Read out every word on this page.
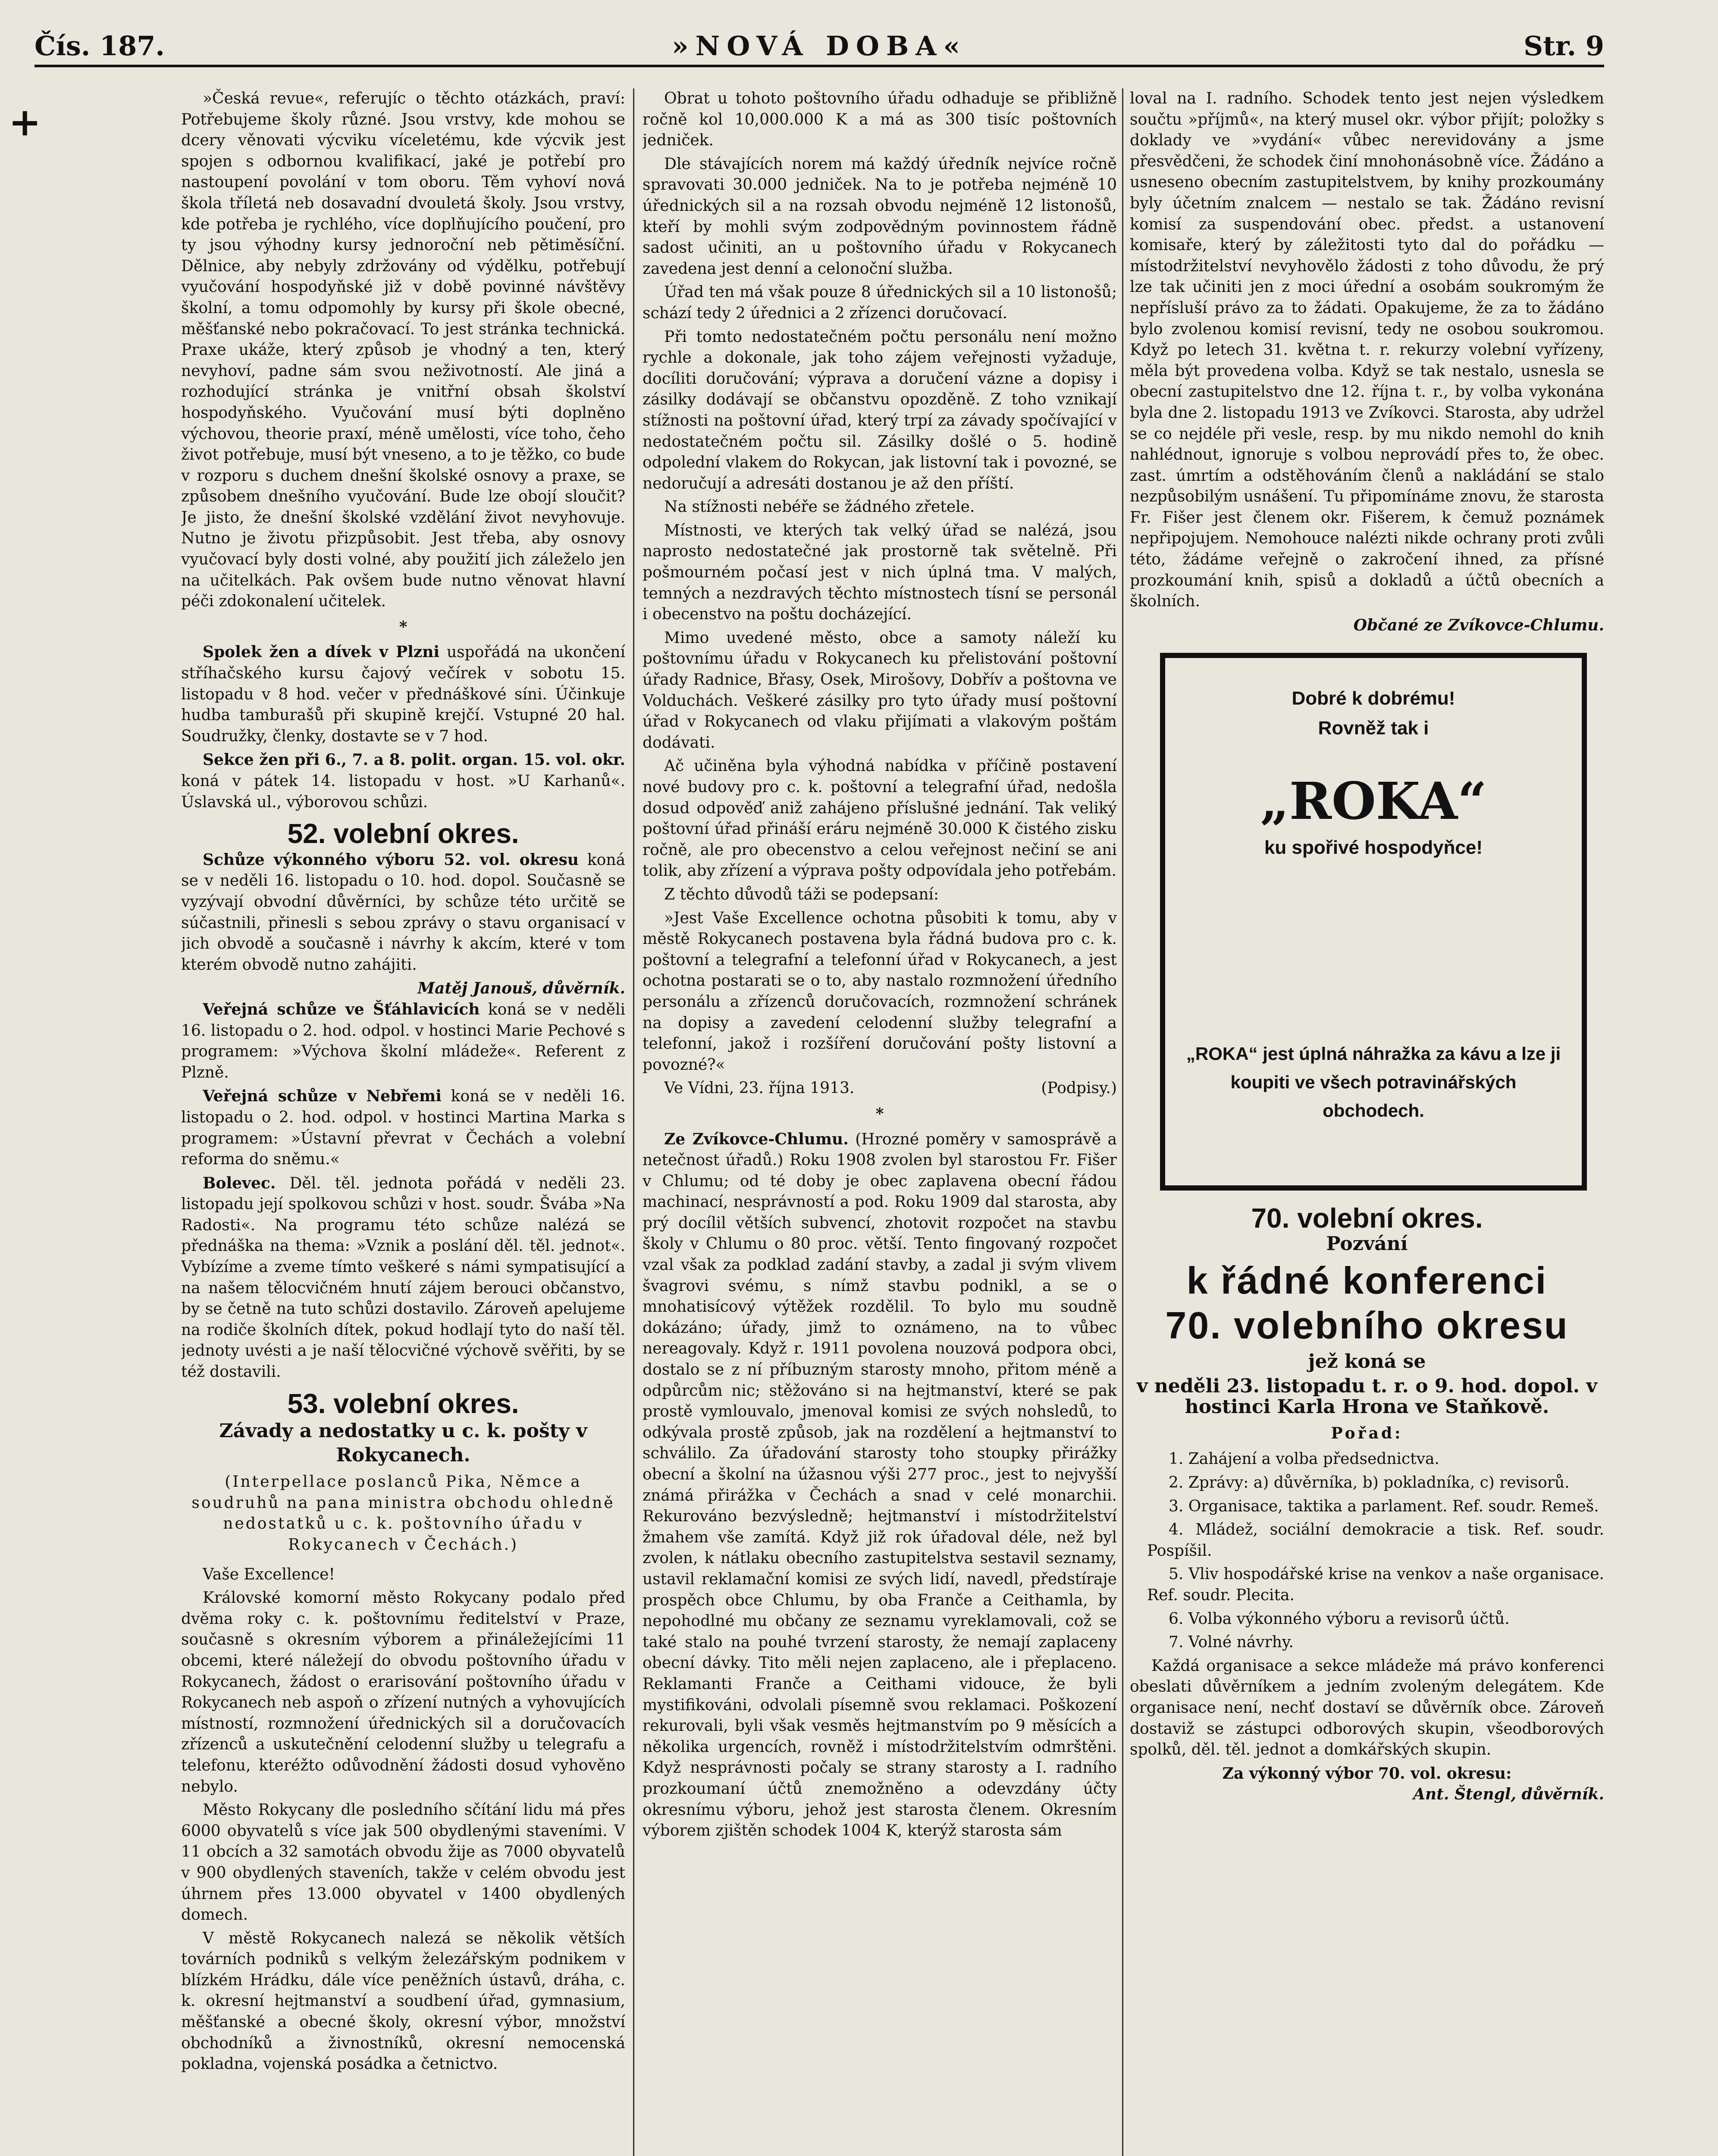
+
Čís. 187.	»NOVÁ DOBA«	Str. 9

»Česká revue«, referujíc o těchto otázkách, praví: Potřebujeme školy různé. Jsou vrstvy, kde mohou se dcery věnovati výcviku víceletému, kde výcvik jest spojen s odbornou kvalifikací, jaké je potřebí pro nastoupení povolání v tom oboru. Těm vyhoví nová škola tříletá neb dosavadní dvouletá školy. Jsou vrstvy, kde potřeba je rychlého, více doplňujícího poučení, pro ty jsou výhodny kursy jednoroční neb pětiměsíční. Dělnice, aby nebyly zdržovány od výdělku, potřebují vyučování hospodyňské již v době povinné návštěvy školní, a tomu odpomohly by kursy při škole obecné, měšťanské nebo pokračovací. To jest stránka technická. Praxe ukáže, který způsob je vhodný a ten, který nevyhoví, padne sám svou neživotností. Ale jiná a rozhodující stránka je vnitřní obsah školství hospodyňského. Vyučování musí býti doplněno výchovou, theorie praxí, méně umělosti, více toho, čeho život potřebuje, musí být vneseno, a to je těžko, co bude v rozporu s duchem dnešní školské osnovy a praxe, se způsobem dnešního vyučování. Bude lze obojí sloučit? Je jisto, že dnešní školské vzdělání život nevyhovuje. Nutno je životu přizpůsobit. Jest třeba, aby osnovy vyučovací byly dosti volné, aby použití jich záleželo jen na učitelkách. Pak ovšem bude nutno věnovat hlavní péči zdokonalení učitelek.

*

Spolek žen a dívek v Plzni uspořádá na ukončení stříhačského kursu čajový večírek v sobotu 15. listopadu v 8 hod. večer v přednáškové síni. Účinkuje hudba tamburašů při skupině krejčí. Vstupné 20 hal. Soudružky, členky, dostavte se v 7 hod.

Sekce žen při 6., 7. a 8. polit. organ. 15. vol. okr. koná v pátek 14. listopadu v host. »U Karhanů«. Úslavská ul., výborovou schůzi.

52. volební okres.

Schůze výkonného výboru 52. vol. okresu koná se v neděli 16. listopadu o 10. hod. dopol. Současně se vyzývají obvodní důvěrníci, by schůze této určitě se súčastnili, přinesli s sebou zprávy o stavu organisací v jich obvodě a současně i návrhy k akcím, které v tom kterém obvodě nutno zahájiti.

Matěj Janouš, důvěrník.

Veřejná schůze ve Šťáhlavicích koná se v neděli 16. listopadu o 2. hod. odpol. v hostinci Marie Pechové s programem: »Výchova školní mládeže«. Referent z Plzně.

Veřejná schůze v Nebřemi koná se v neděli 16. listopadu o 2. hod. odpol. v hostinci Martina Marka s programem: »Ústavní převrat v Čechách a volební reforma do sněmu.«

Bolevec. Děl. těl. jednota pořádá v neděli 23. listopadu její spolkovou schůzi v host. soudr. Švába »Na Radosti«. Na programu této schůze nalézá se přednáška na thema: »Vznik a poslání děl. těl. jednot«. Vybízíme a zveme tímto veškeré s námi sympatisující a na našem tělocvičném hnutí zájem berouci občanstvo, by se četně na tuto schůzi dostavilo. Zároveň apelujeme na rodiče školních dítek, pokud hodlají tyto do naší těl. jednoty uvésti a je naší tělocvičné výchově svěřiti, by se též dostavili.

53. volební okres.
Závady a nedostatky u c. k. pošty v Rokycanech.
(Interpellace poslanců Pika, Němce a soudruhů na pana ministra obchodu ohledně nedostatků u c. k. poštovního úřadu v Rokycanech v Čechách.)

Vaše Excellence!

Královské komorní město Rokycany podalo před dvěma roky c. k. poštovnímu ředitelství v Praze, současně s okresním výborem a přináležejícími 11 obcemi, které náležejí do obvodu poštovního úřadu v Rokycanech, žádost o erarisování poštovního úřadu v Rokycanech neb aspoň o zřízení nutných a vyhovujících místností, rozmnožení úřednických sil a doručovacích zřízenců a uskutečnění celodenní služby u telegrafu a telefonu, kteréžto odůvodnění žádosti dosud vyhověno nebylo.

Město Rokycany dle posledního sčítání lidu má přes 6000 obyvatelů s více jak 500 obydlenými staveními. V 11 obcích a 32 samotách obvodu žije as 7000 obyvatelů v 900 obydlených staveních, takže v celém obvodu jest úhrnem přes 13.000 obyvatel v 1400 obydlených domech.

V městě Rokycanech nalezá se několik větších továrních podniků s velkým železářským podnikem v blízkém Hrádku, dále více peněžních ústavů, dráha, c. k. okresní hejtmanství a soudbení úřad, gymnasium, měšťanské a obecné školy, okresní výbor, množství obchodníků a živnostníků, okresní nemocenská pokladna, vojenská posádka a četnictvo.

Obrat u tohoto poštovního úřadu odhaduje se přibližně ročně kol 10,000.000 K a má as 300 tisíc poštovních jedniček.

Dle stávajících norem má každý úředník nejvíce ročně spravovati 30.000 jedniček. Na to je potřeba nejméně 10 úřednických sil a na rozsah obvodu nejméně 12 listonošů, kteří by mohli svým zodpovědným povinnostem řádně sadost učiniti, an u poštovního úřadu v Rokycanech zavedena jest denní a celonoční služba.

Úřad ten má však pouze 8 úřednických sil a 10 listonošů; schází tedy 2 úřednici a 2 zřízenci doručovací.

Při tomto nedostatečném počtu personálu není možno rychle a dokonale, jak toho zájem veřejnosti vyžaduje, docíliti doručování; výprava a doručení vázne a dopisy i zásilky dodávají se občanstvu opozděně. Z toho vznikají stížnosti na poštovní úřad, který trpí za závady spočívající v nedostatečném počtu sil. Zásilky došlé o 5. hodině odpolední vlakem do Rokycan, jak listovní tak i povozné, se nedoručují a adresáti dostanou je až den příští.

Na stížnosti nebéře se žádného zřetele.

Místnosti, ve kterých tak velký úřad se nalézá, jsou naprosto nedostatečné jak prostorně tak světelně. Při pošmourném počasí jest v nich úplná tma. V malých, temných a nezdravých těchto místnostech tísní se personál i obecenstvo na poštu docházející.

Mimo uvedené město, obce a samoty náleží ku poštovnímu úřadu v Rokycanech ku přelistování poštovní úřady Radnice, Břasy, Osek, Mirošovy, Dobřív a poštovna ve Volduchách. Veškeré zásilky pro tyto úřady musí poštovní úřad v Rokycanech od vlaku přijímati a vlakovým poštám dodávati.

Ač učiněna byla výhodná nabídka v příčině postavení nové budovy pro c. k. poštovní a telegrafní úřad, nedošla dosud odpověď aniž zahájeno příslušné jednání. Tak veliký poštovní úřad přináší eráru nejméně 30.000 K čistého zisku ročně, ale pro obecenstvo a celou veřejnost nečiní se ani tolik, aby zřízení a výprava pošty odpovídala jeho potřebám.

Z těchto důvodů táži se podepsaní:

»Jest Vaše Excellence ochotna působiti k tomu, aby v městě Rokycanech postavena byla řádná budova pro c. k. poštovní a telegrafní a telefonní úřad v Rokycanech, a jest ochotna postarati se o to, aby nastalo rozmnožení úředního personálu a zřízenců doručovacích, rozmnožení schránek na dopisy a zavedení celodenní služby telegrafní a telefonní, jakož i rozšíření doručování pošty listovní a povozné?«

Ve Vídni, 23. října 1913.	(Podpisy.)

*

Ze Zvíkovce-Chlumu. (Hrozné poměry v samosprávě a netečnost úřadů.) Roku 1908 zvolen byl starostou Fr. Fišer v Chlumu; od té doby je obec zaplavena obecní řádou machinací, nesprávností a pod. Roku 1909 dal starosta, aby prý docílil větších subvencí, zhotovit rozpočet na stavbu školy v Chlumu o 80 proc. větší. Tento fingovaný rozpočet vzal však za podklad zadání stavby, a zadal ji svým vlivem švagrovi svému, s nímž stavbu podnikl, a se o mnohatisícový výtěžek rozdělil. To bylo mu soudně dokázáno; úřady, jimž to oznámeno, na to vůbec nereagovaly. Když r. 1911 povolena nouzová podpora obci, dostalo se z ní příbuzným starosty mnoho, přitom méně a odpůrcům nic; stěžováno si na hejtmanství, které se pak prostě vymlouvalo, jmenoval komisi ze svých nohsledů, to odkývala prostě způsob, jak na rozdělení a hejtmanství to schválilo. Za úřadování starosty toho stoupky přirážky obecní a školní na úžasnou výši 277 proc., jest to nejvyšší známá přirážka v Čechách a snad v celé monarchii. Rekurováno bezvýsledně; hejtmanství i místodržitelství žmahem vše zamítá. Když již rok úřadoval déle, než byl zvolen, k nátlaku obecního zastupitelstva sestavil seznamy, ustavil reklamační komisi ze svých lidí, navedl, předstíraje prospěch obce Chlumu, by oba Franče a Ceithamla, by nepohodlné mu občany ze seznamu vyreklamovali, což se také stalo na pouhé tvrzení starosty, že nemají zaplaceny obecní dávky. Tito měli nejen zaplaceno, ale i přeplaceno. Reklamanti Franče a Ceithami vidouce, že byli mystifikováni, odvolali písemně svou reklamaci. Poškození rekurovali, byli však vesměs hejtmanstvím po 9 měsících a několika urgencích, rovněž i místodržitelstvím odmrštěni. Když nesprávnosti počaly se strany starosty a I. radního prozkoumaní účtů znemožněno a odevzdány účty okresnímu výboru, jehož jest starosta členem. Okresním výborem zjištěn schodek 1004 K, kterýž starosta sám

loval na I. radního. Schodek tento jest nejen výsledkem součtu »příjmů«, na který musel okr. výbor přijít; položky s doklady ve »vydání« vůbec nerevidovány a jsme přesvědčeni, že schodek činí mnohonásobně více. Žádáno a usneseno obecním zastupitelstvem, by knihy prozkoumány byly účetním znalcem — nestalo se tak. Žádáno revisní komisí za suspendování obec. předst. a ustanovení komisaře, který by záležitosti tyto dal do pořádku — místodržitelství nevyhovělo žádosti z toho důvodu, že prý lze tak učiniti jen z moci úřední a osobám soukromým že nepřísluší právo za to žádati. Opakujeme, že za to žádáno bylo zvolenou komisí revisní, tedy ne osobou soukromou. Když po letech 31. května t. r. rekurzy volební vyřízeny, měla být provedena volba. Když se tak nestalo, usnesla se obecní zastupitelstvo dne 12. října t. r., by volba vykonána byla dne 2. listopadu 1913 ve Zvíkovci. Starosta, aby udržel se co nejdéle při vesle, resp. by mu nikdo nemohl do knih nahlédnout, ignoruje s volbou neprovádí přes to, že obec. zast. úmrtím a odstěhováním členů a nakládání se stalo nezpůsobilým usnášení. Tu připomínáme znovu, že starosta Fr. Fišer jest členem okr. Fišerem, k čemuž poznámek nepřipojujem. Nemohouce nalézti nikde ochrany proti zvůli této, žádáme veřejně o zakročení ihned, za přísné prozkoumání knih, spisů a dokladů a účtů obecních a školních.

Občané ze Zvíkovce-Chlumu.
Dobré k dobrému!
Rovněž tak i
„ROKA“
ku spořivé hospodyňce!
„ROKA“ jest úplná náhražka za kávu a lze ji koupiti ve všech potravinářských obchodech.
70. volební okres.
Pozvání
k řádné konferenci
70. volebního okresu
jež koná se
v neděli 23. listopadu t. r. o 9. hod. dopol. v hostinci Karla Hrona ve Staňkově.
Pořad:

1. Zahájení a volba předsednictva.

2. Zprávy: a) důvěrníka, b) pokladníka, c) revisorů.

3. Organisace, taktika a parlament. Ref. soudr. Remeš.

4. Mládež, sociální demokracie a tisk. Ref. soudr. Pospíšil.

5. Vliv hospodářské krise na venkov a naše organisace. Ref. soudr. Plecita.

6. Volba výkonného výboru a revisorů účtů.

7. Volné návrhy.

Každá organisace a sekce mládeže má právo konferenci obeslati důvěrníkem a jedním zvoleným delegátem. Kde organisace není, nechť dostaví se důvěrník obce. Zároveň dostaviž se zástupci odborových skupin, všeodborových spolků, děl. těl. jednot a domkářských skupin.

Za výkonný výbor 70. vol. okresu:
Ant. Štengl, důvěrník.
